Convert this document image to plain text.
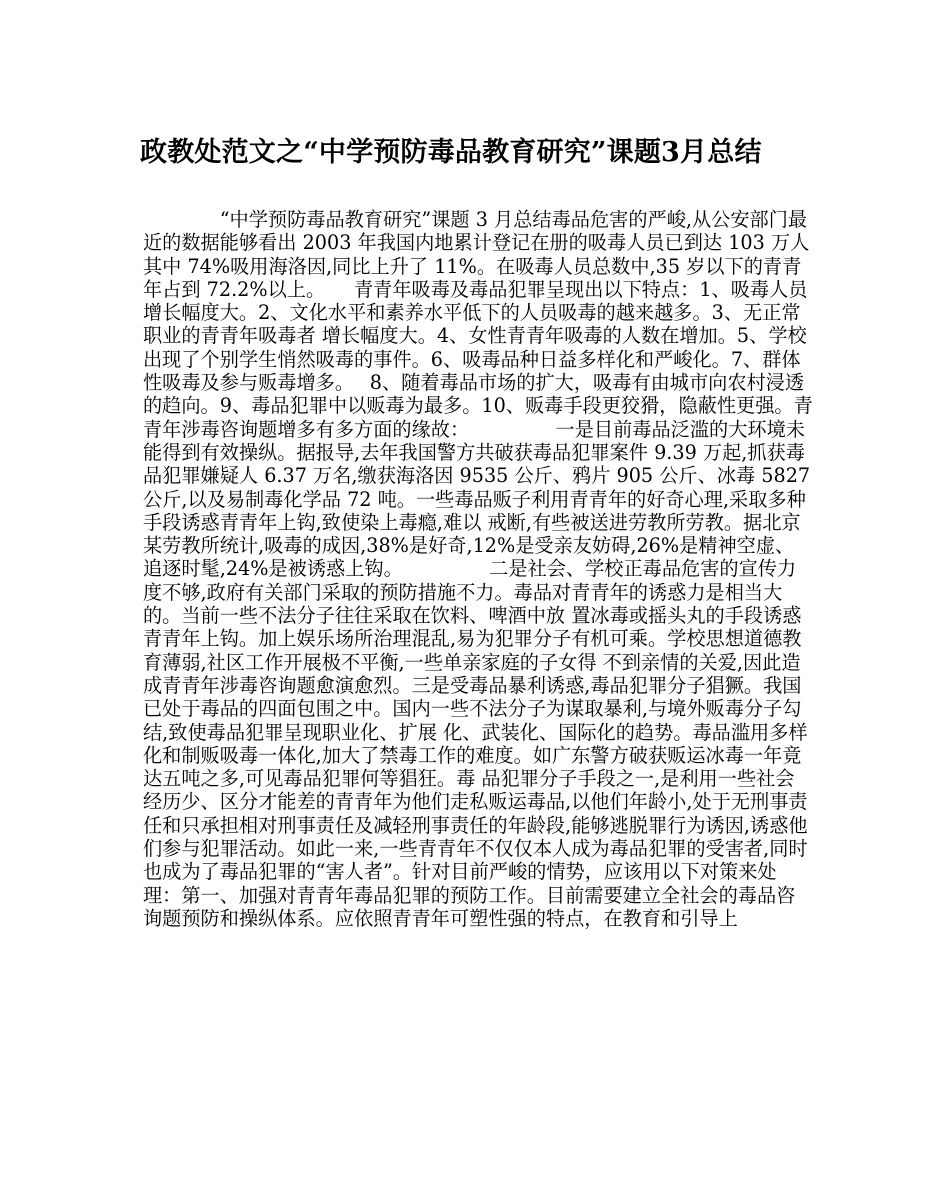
政教处范文之“中学预防毒品教育研究”课题3月总结
　　　　“中学预防毒品教育研究”课题 3 月总结毒品危害的严峻,从公安部门最近的数据能够看出 2003 年我国内地累计登记在册的吸毒人员已到达 103 万人 其中 74%吸用海洛因,同比上升了 11%。在吸毒人员总数中,35 岁以下的青青年占到 72.2%以上。　　青青年吸毒及毒品犯罪呈现出以下特点：1、吸毒人员增长幅度大。2、文化水平和素养水平低下的人员吸毒的越来越多。3、无正常职业的青青年吸毒者 增长幅度大。4、女性青青年吸毒的人数在增加。5、学校出现了个别学生悄然吸毒的事件。6、吸毒品种日益多样化和严峻化。7、群体性吸毒及参与贩毒增多。　 8、随着毒品市场的扩大，吸毒有由城市向农村浸透的趋向。9、毒品犯罪中以贩毒为最多。10、贩毒手段更狡猾，隐蔽性更强。青青年涉毒咨询题增多有多方面的缘故：　　　　　一是目前毒品泛滥的大环境未能得到有效操纵。据报导,去年我国警方共破获毒品犯罪案件 9.39 万起,抓获毒品犯罪嫌疑人 6.37 万名,缴获海洛因 9535 公斤、鸦片 905 公斤、冰毒 5827 公斤,以及易制毒化学品 72 吨。一些毒品贩子利用青青年的好奇心理,采取多种手段诱惑青青年上钩,致使染上毒瘾,难以 戒断,有些被送进劳教所劳教。据北京某劳教所统计,吸毒的成因,38%是好奇,12%是受亲友妨碍,26%是精神空虚、追逐时髦,24%是被诱惑上钩。　　　　　二是社会、学校正毒品危害的宣传力度不够,政府有关部门采取的预防措施不力。毒品对青青年的诱惑力是相当大的。当前一些不法分子往往采取在饮料、啤酒中放 置冰毒或摇头丸的手段诱惑青青年上钩。加上娱乐场所治理混乱,易为犯罪分子有机可乘。学校思想道德教育薄弱,社区工作开展极不平衡,一些单亲家庭的子女得 不到亲情的关爱,因此造成青青年涉毒咨询题愈演愈烈。三是受毒品暴利诱惑,毒品犯罪分子猖獗。我国已处于毒品的四面包围之中。国内一些不法分子为谋取暴利,与境外贩毒分子勾结,致使毒品犯罪呈现职业化、扩展 化、武装化、国际化的趋势。毒品滥用多样化和制贩吸毒一体化,加大了禁毒工作的难度。如广东警方破获贩运冰毒一年竟达五吨之多,可见毒品犯罪何等猖狂。毒 品犯罪分子手段之一,是利用一些社会经历少、区分才能差的青青年为他们走私贩运毒品,以他们年龄小,处于无刑事责任和只承担相对刑事责任及减轻刑事责任的年龄段,能够逃脱罪行为诱因,诱惑他们参与犯罪活动。如此一来,一些青青年不仅仅本人成为毒品犯罪的受害者,同时也成为了毒品犯罪的“害人者”。针对目前严峻的情势，应该用以下对策来处理：第一、加强对青青年毒品犯罪的预防工作。目前需要建立全社会的毒品咨询题预防和操纵体系。应依照青青年可塑性强的特点，在教育和引导上
